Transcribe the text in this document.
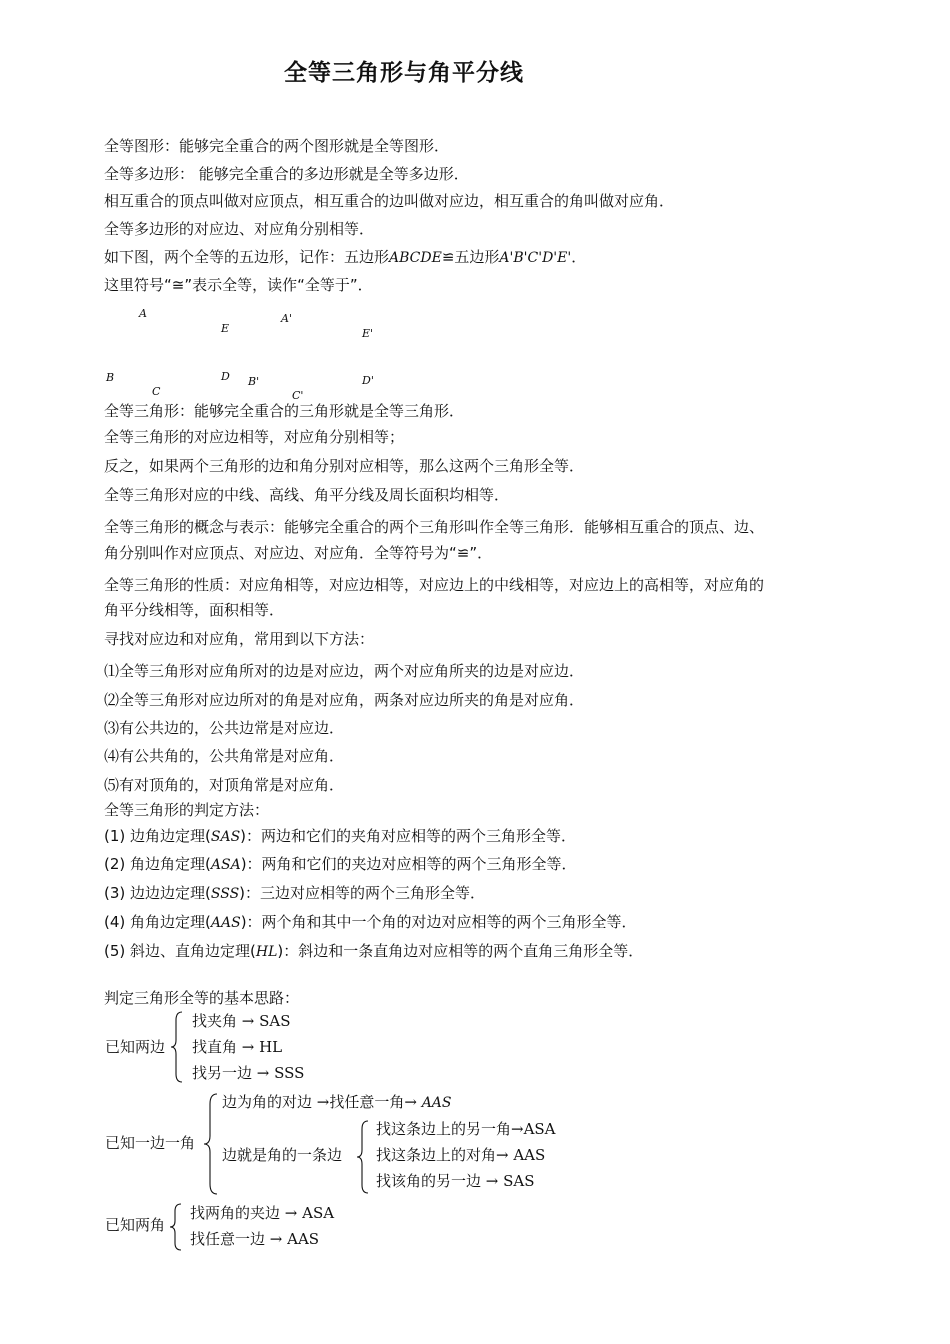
全等三角形与角平分线
全等图形：能够完全重合的两个图形就是全等图形．
全等多边形： 能够完全重合的多边形就是全等多边形．
相互重合的顶点叫做对应顶点，相互重合的边叫做对应边，相互重合的角叫做对应角．
全等多边形的对应边、对应角分别相等．
如下图，两个全等的五边形，记作：五边形ABCDE≌五边形A'B'C'D'E'．
这里符号“≅”表示全等，读作“全等于”．
A
E
B
C
D
A'
E'
B'
C'
D'
全等三角形：能够完全重合的三角形就是全等三角形．
全等三角形的对应边相等，对应角分别相等；
反之，如果两个三角形的边和角分别对应相等，那么这两个三角形全等．
全等三角形对应的中线、高线、角平分线及周长面积均相等．
全等三角形的概念与表示：能够完全重合的两个三角形叫作全等三角形．能够相互重合的顶点、边、
角分别叫作对应顶点、对应边、对应角．全等符号为“≌”．
全等三角形的性质：对应角相等，对应边相等，对应边上的中线相等，对应边上的高相等，对应角的
角平分线相等，面积相等．
寻找对应边和对应角，常用到以下方法：
⑴全等三角形对应角所对的边是对应边，两个对应角所夹的边是对应边．
⑵全等三角形对应边所对的角是对应角，两条对应边所夹的角是对应角．
⑶有公共边的，公共边常是对应边．
⑷有公共角的，公共角常是对应角．
⑸有对顶角的，对顶角常是对应角．
全等三角形的判定方法：
(1) 边角边定理(SAS)：两边和它们的夹角对应相等的两个三角形全等．
(2) 角边角定理(ASA)：两角和它们的夹边对应相等的两个三角形全等．
(3) 边边边定理(SSS)：三边对应相等的两个三角形全等．
(4) 角角边定理(AAS)：两个角和其中一个角的对边对应相等的两个三角形全等．
(5) 斜边、直角边定理(HL)：斜边和一条直角边对应相等的两个直角三角形全等．
判定三角形全等的基本思路：
已知两边
找夹角 → SAS
找直角 → HL
找另一边 → SSS
已知一边一角
边为角的对边 →找任意一角→ AAS
边就是角的一条边
找这条边上的另一角→ASA
找这条边上的对角→ AAS
找该角的另一边 → SAS
已知两角
找两角的夹边 → ASA
找任意一边 → AAS
